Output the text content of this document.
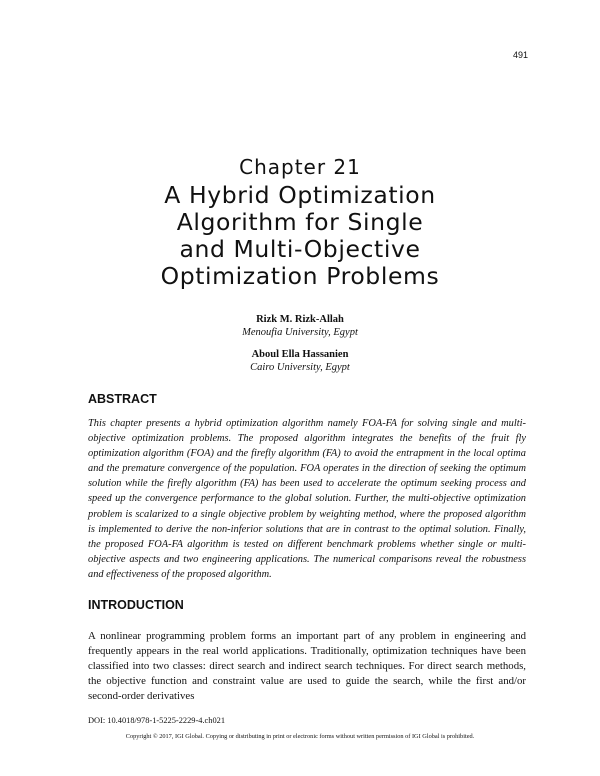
491
Chapter 21
A Hybrid Optimization
Algorithm for Single
and Multi-Objective
Optimization Problems
Rizk M. Rizk-Allah
Menoufia University, Egypt
Aboul Ella Hassanien
Cairo University, Egypt
ABSTRACT
This chapter presents a hybrid optimization algorithm namely FOA-FA for solving single and multi-objective optimization problems. The proposed algorithm integrates the benefits of the fruit fly optimization algorithm (FOA) and the firefly algorithm (FA) to avoid the entrapment in the local optima and the premature convergence of the population. FOA operates in the direction of seeking the optimum solution while the firefly algorithm (FA) has been used to accelerate the optimum seeking process and speed up the convergence performance to the global solution. Further, the multi-objective optimization problem is scalarized to a single objective problem by weighting method, where the proposed algorithm is implemented to derive the non-inferior solutions that are in contrast to the optimal solution. Finally, the proposed FOA-FA algorithm is tested on different benchmark problems whether single or multi-objective aspects and two engineering applications. The numerical comparisons reveal the robustness and effectiveness of the proposed algorithm.
INTRODUCTION
A nonlinear programming problem forms an important part of any problem in engineering and frequently appears in the real world applications. Traditionally, optimization techniques have been classified into two classes: direct search and indirect search techniques. For direct search methods, the objective function and constraint value are used to guide the search, while the first and/or second-order derivatives
DOI: 10.4018/978-1-5225-2229-4.ch021
Copyright © 2017, IGI Global. Copying or distributing in print or electronic forms without written permission of IGI Global is prohibited.
